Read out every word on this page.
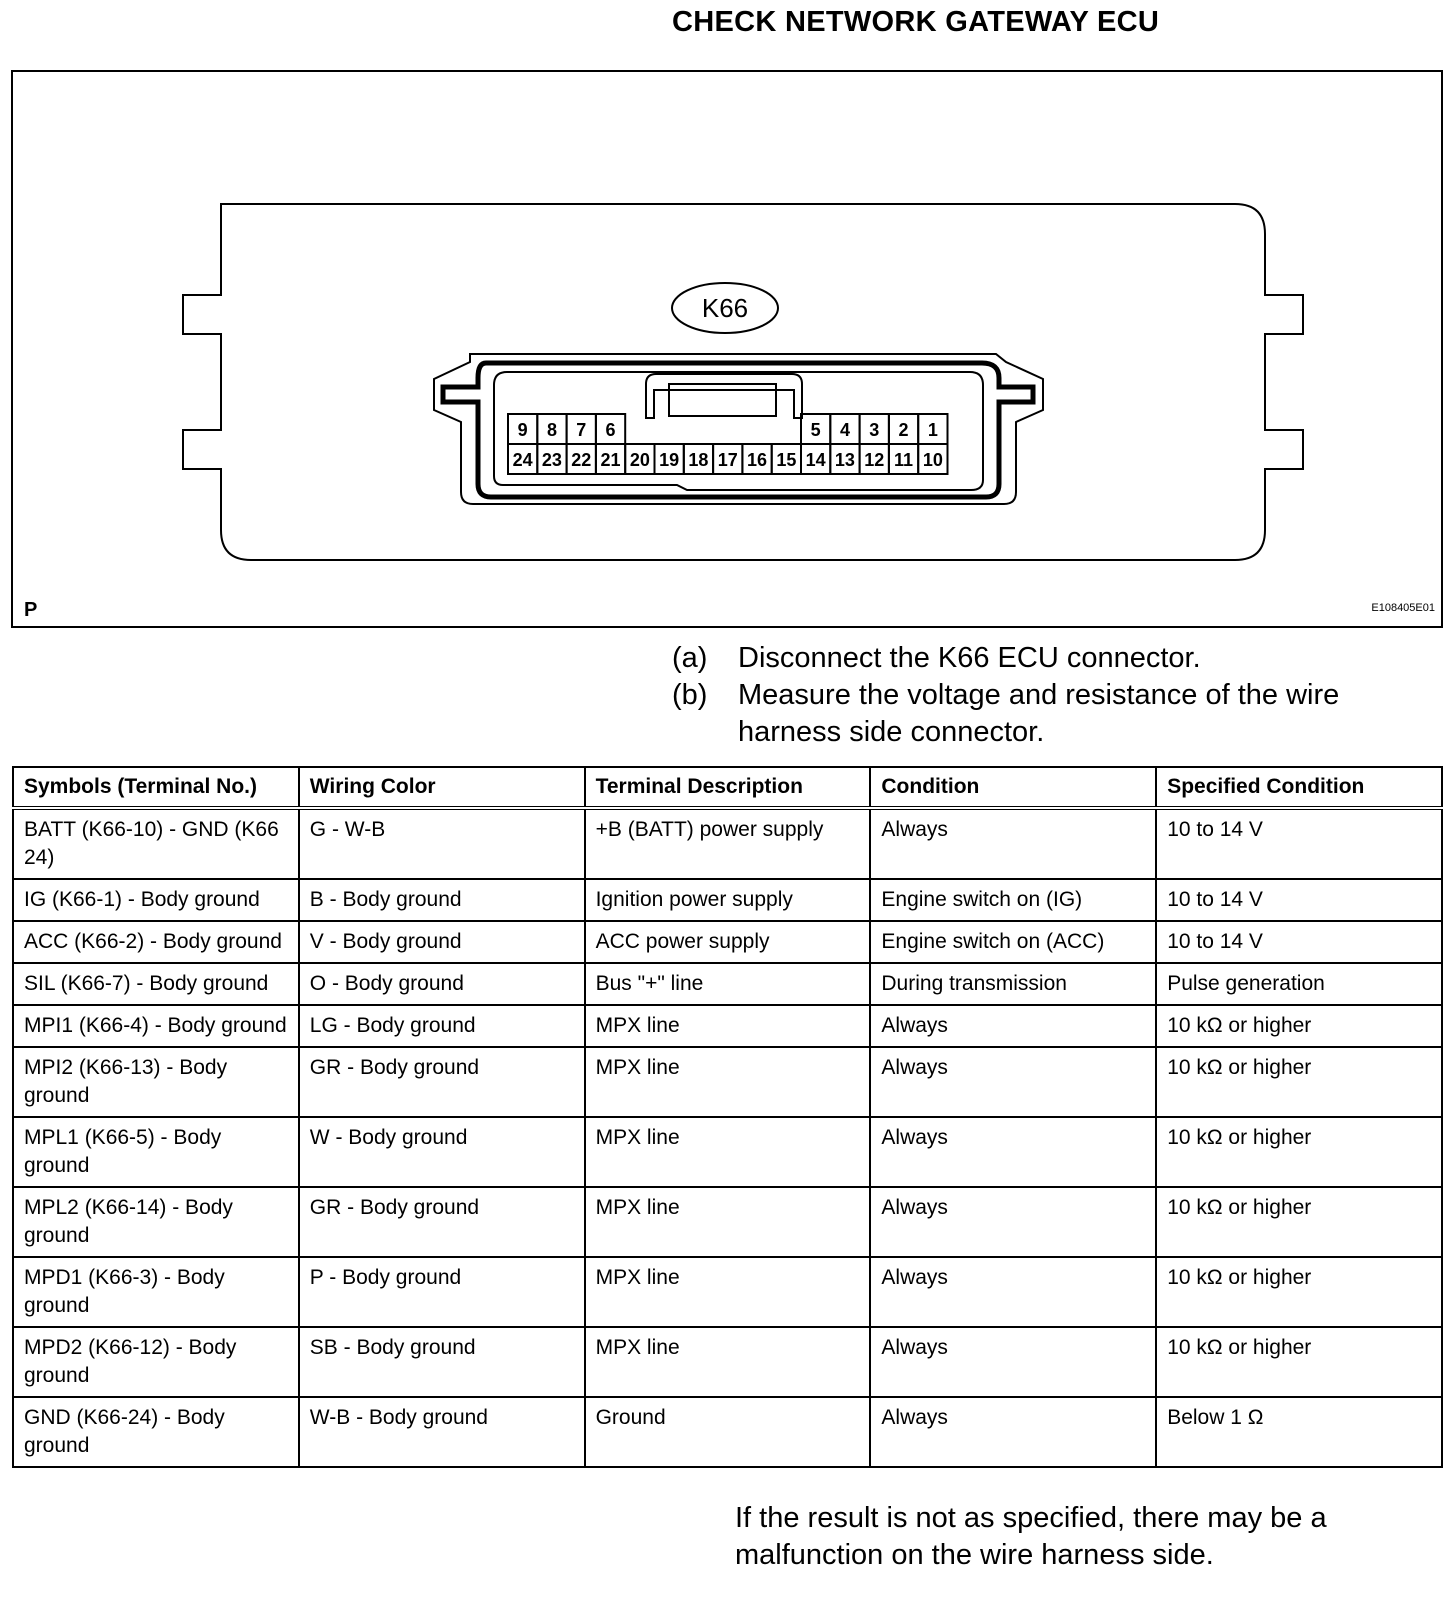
CHECK NETWORK GATEWAY ECU
K66
9 8 7 6	5 4 3 2 1
24 23 22 21 20 19 18 17 16 15 14 13 12 11 10
P	E108405E01
(a)	Disconnect the K66 ECU connector.
(b)	Measure the voltage and resistance of the wire harness side connector.
Symbols (Terminal No.)	Wiring Color	Terminal Description	Condition	Specified Condition
BATT (K66-10) - GND (K66 24)	G - W-B	+B (BATT) power supply	Always	10 to 14 V
IG (K66-1) - Body ground	B - Body ground	Ignition power supply	Engine switch on (IG)	10 to 14 V
ACC (K66-2) - Body ground	V - Body ground	ACC power supply	Engine switch on (ACC)	10 to 14 V
SIL (K66-7) - Body ground	O - Body ground	Bus "+" line	During transmission	Pulse generation
MPI1 (K66-4) - Body ground	LG - Body ground	MPX line	Always	10 kΩ or higher
MPI2 (K66-13) - Body ground	GR - Body ground	MPX line	Always	10 kΩ or higher
MPL1 (K66-5) - Body ground	W - Body ground	MPX line	Always	10 kΩ or higher
MPL2 (K66-14) - Body ground	GR - Body ground	MPX line	Always	10 kΩ or higher
MPD1 (K66-3) - Body ground	P - Body ground	MPX line	Always	10 kΩ or higher
MPD2 (K66-12) - Body ground	SB - Body ground	MPX line	Always	10 kΩ or higher
GND (K66-24) - Body ground	W-B - Body ground	Ground	Always	Below 1 Ω
If the result is not as specified, there may be a malfunction on the wire harness side.
